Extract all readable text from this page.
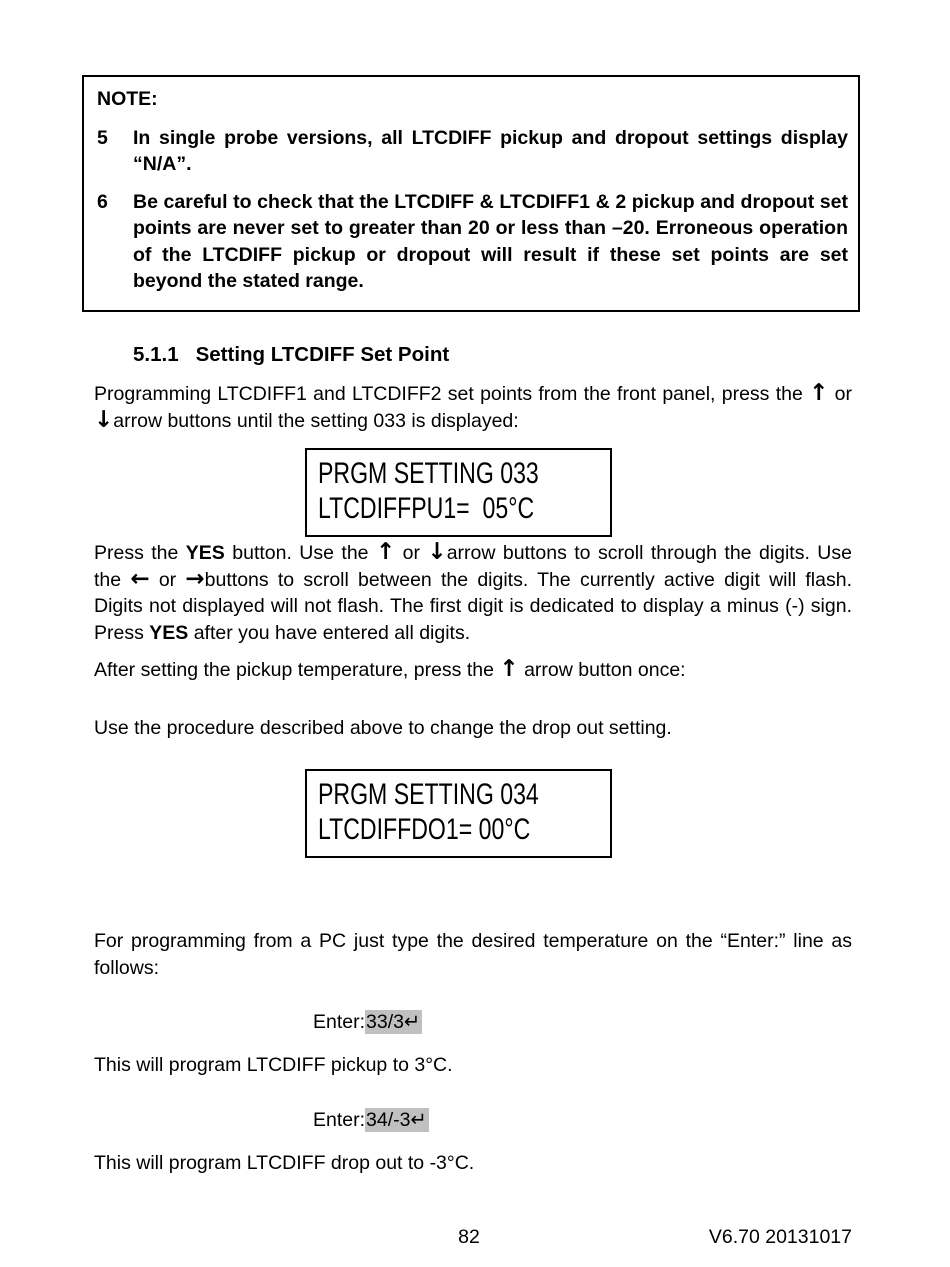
NOTE:
5	In single probe versions, all LTCDIFF pickup and dropout settings display “N/A”.
6	Be careful to check that the LTCDIFF & LTCDIFF1 & 2 pickup and dropout set points are never set to greater than 20 or less than –20. Erroneous operation of the LTCDIFF pickup or dropout will result if these set points are set beyond the stated range.
5.1.1 Setting LTCDIFF Set Point

Programming LTCDIFF1 and LTCDIFF2 set points from the front panel, press the ↑ or ↓arrow buttons until the setting 033 is displayed:

PRGM SETTING 033
LTCDIFFPU1=  05°C

Press the YES button. Use the ↑ or ↓arrow buttons to scroll through the digits. Use the ← or →buttons to scroll between the digits. The currently active digit will flash. Digits not displayed will not flash. The first digit is dedicated to display a minus (-) sign. Press YES after you have entered all digits.

After setting the pickup temperature, press the ↑ arrow button once:

Use the procedure described above to change the drop out setting.

PRGM SETTING 034
LTCDIFFDO1= 00°C

For programming from a PC just type the desired temperature on the “Enter:” line as follows:

Enter:33/3↵

This will program LTCDIFF pickup to 3°C.

Enter:34/-3↵

This will program LTCDIFF drop out to -3°C.

82	V6.70 20131017
